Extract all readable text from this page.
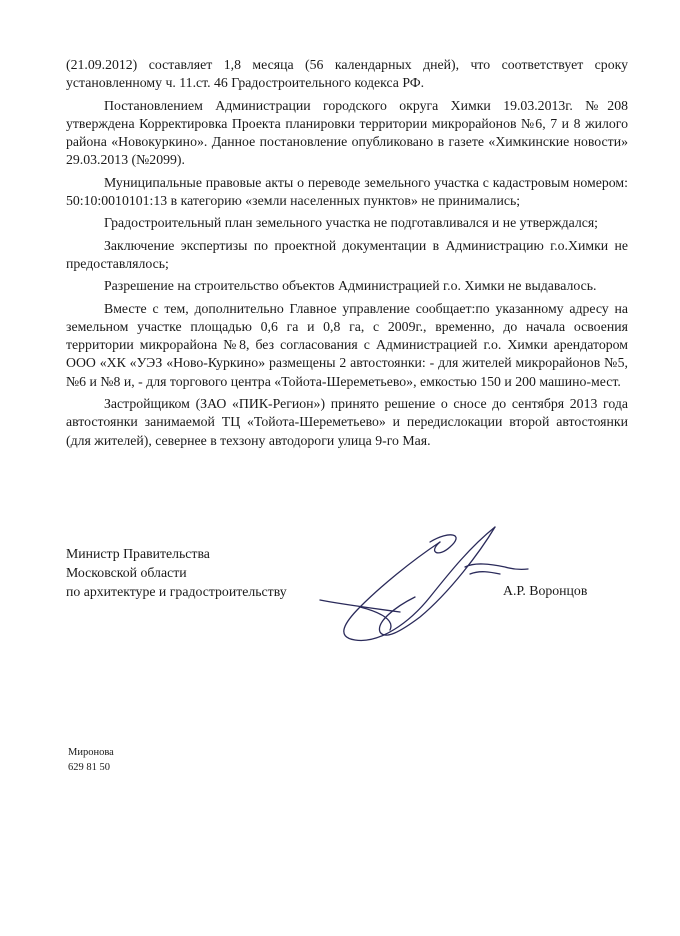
(21.09.2012) составляет 1,8 месяца (56 календарных дней), что соответствует сроку установленному ч. 11.ст. 46 Градостроительного кодекса РФ.

Постановлением Администрации городского округа Химки 19.03.2013г. №208 утверждена Корректировка Проекта планировки территории микрорайонов №6, 7 и 8 жилого района «Новокуркино». Данное постановление опубликовано в газете «Химкинские новости» 29.03.2013 (№2099).

Муниципальные правовые акты о переводе земельного участка с кадастровым номером: 50:10:0010101:13 в категорию «земли населенных пунктов» не принимались;

Градостроительный план земельного участка не подготавливался и не утверждался;

Заключение экспертизы по проектной документации в Администрацию г.о.Химки не предоставлялось;

Разрешение на строительство объектов Администрацией г.о. Химки не выдавалось.

Вместе с тем, дополнительно Главное управление сообщает:по указанному адресу на земельном участке площадью 0,6 га и 0,8 га, с 2009г., временно, до начала освоения территории микрорайона №8, без согласования с Администрацией г.о. Химки арендатором ООО «ХК «УЭЗ «Ново-Куркино» размещены 2 автостоянки: - для жителей микрорайонов №5, №6 и №8 и, - для торгового центра «Тойота-Шереметьево», емкостью 150 и 200 машино-мест.

Застройщиком (ЗАО «ПИК-Регион») принято решение о сносе до сентября 2013 года автостоянки занимаемой ТЦ «Тойота-Шереметьево» и передислокации второй автостоянки (для жителей), севернее в техзону автодороги улица 9-го Мая.

Министр Правительства
Московской области
по архитектуре и градостроительству	А.Р. Воронцов
Миронова
629 81 50
